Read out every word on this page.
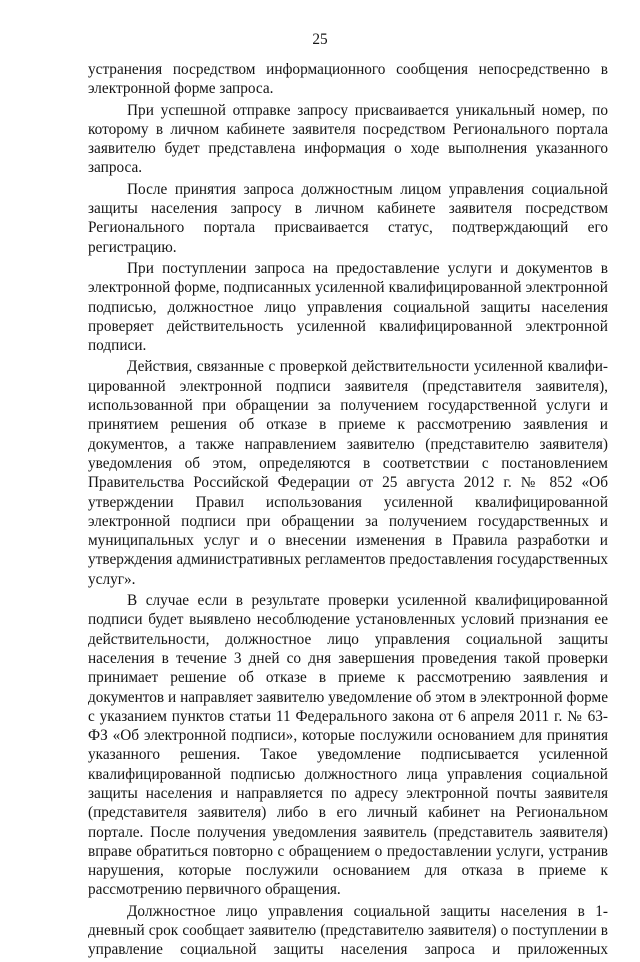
25

устранения посредством информационного сообщения непосредственно в электронной форме запроса.

При успешной отправке запросу присваивается уникальный номер, по которому в личном кабинете заявителя посредством Регионального портала заявителю будет представлена информация о ходе выполнения указанного запроса.

После принятия запроса должностным лицом управления социальной защиты населения запросу в личном кабинете заявителя посредством Регионального портала присваивается статус, подтверждающий его регистрацию.

При поступлении запроса на предоставление услуги и документов в электронной форме, подписанных усиленной квалифицированной электронной подписью, должностное лицо управления социальной защиты населения проверяет действительность усиленной квалифицированной электронной подписи.

Действия, связанные с проверкой действительности усиленной квалифицированной электронной подписи заявителя (представителя заявителя), использованной при обращении за получением государственной услуги и принятием решения об отказе в приеме к рассмотрению заявления и документов, а также направлением заявителю (представителю заявителя) уведомления об этом, определяются в соответствии с постановлением Правительства Российской Федерации от 25 августа 2012 г. № 852 «Об утверждении Правил использования усиленной квалифицированной электронной подписи при обращении за получением государственных и муниципальных услуг и о внесении изменения в Правила разработки и утверждения административных регламентов предоставления государственных услуг».

В случае если в результате проверки усиленной квалифицированной подписи будет выявлено несоблюдение установленных условий признания ее действительности, должностное лицо управления социальной защиты населения в течение 3 дней со дня завершения проведения такой проверки принимает решение об отказе в приеме к рассмотрению заявления и документов и направляет заявителю уведомление об этом в электронной форме с указанием пунктов статьи 11 Федерального закона от 6 апреля 2011 г. № 63-ФЗ «Об электронной подписи», которые послужили основанием для принятия указанного решения. Такое уведомление подписывается усиленной квалифицированной подписью должностного лица управления социальной защиты населения и направляется по адресу электронной почты заявителя (представителя заявителя) либо в его личный кабинет на Региональном портале. После получения уведомления заявитель (представитель заявителя) вправе обратиться повторно с обращением о предоставлении услуги, устранив нарушения, которые послужили основанием для отказа в приеме к рассмотрению первичного обращения.

Должностное лицо управления социальной защиты населения в 1-дневный срок сообщает заявителю (представителю заявителя) о поступлении в управление социальной защиты населения запроса и приложенных
